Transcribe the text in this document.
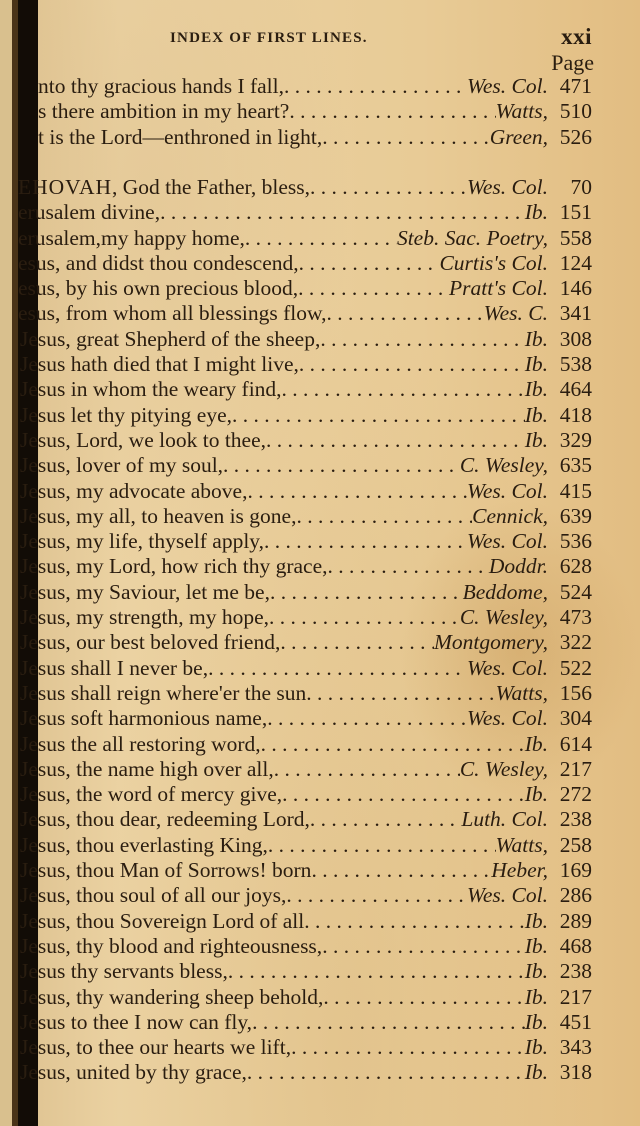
INDEX OF FIRST LINES.	xxi
Page
nto thy gracious hands I fall, . . .	Wes. Col. 471
s there ambition in my heart? . . .	Watts, 510
t is the Lord—enthroned in light, . . .	Green, 526
EHOVAH, God the Father, bless, . . .	Wes. Col.	70
erusalem divine, . . .	Ib. 151
erusalem,my happy home, . . .	Steb. Sac. Poetry, 558
esus, and didst thou condescend, . . .	Curtis's Col. 124
esus, by his own precious blood, . . .	Pratt's Col. 146
esus, from whom all blessings flow, . . .	Wes. C. 341
Jesus, great Shepherd of the sheep, . . .	Ib. 308
Jesus hath died that I might live, . . .	Ib. 538
Jesus in whom the weary find, . . .	Ib. 464
Jesus let thy pitying eye, . . .	Ib. 418
Jesus, Lord, we look to thee, . . .	Ib. 329
Jesus, lover of my soul, . . .	C. Wesley, 635
Jesus, my advocate above, . . .	Wes. Col. 415
Jesus, my all, to heaven is gone, . . .	Cennick, 639
Jesus, my life, thyself apply, . . .	Wes. Col. 536
Jesus, my Lord, how rich thy grace, . . .	Doddr. 628
Jesus, my Saviour, let me be, . . .	Beddome, 524
Jesus, my strength, my hope, . . .	C. Wesley, 473
Jesus, our best beloved friend, . . .	Montgomery, 322
Jesus shall I never be, . . .	Wes. Col. 522
Jesus shall reign where'er the sun . . .	Watts, 156
Jesus soft harmonious name, . . .	Wes. Col. 304
Jesus the all restoring word, . . .	Ib. 614
Jesus, the name high over all, . . .	C. Wesley, 217
Jesus, the word of mercy give, . . .	Ib. 272
Jesus, thou dear, redeeming Lord, . . .	Luth. Col. 238
Jesus, thou everlasting King, . . .	Watts, 258
Jesus, thou Man of Sorrows! born . . .	Heber, 169
Jesus, thou soul of all our joys, . . .	Wes. Col. 286
Jesus, thou Sovereign Lord of all . . .	Ib. 289
Jesus, thy blood and righteousness, . . .	Ib. 468
Jesus thy servants bless, . . .	Ib. 238
Jesus, thy wandering sheep behold, . . .	Ib. 217
Jesus to thee I now can fly, . . .	Ib. 451
Jesus, to thee our hearts we lift, . . .	Ib. 343
Jesus, united by thy grace, . . .	Ib. 318
